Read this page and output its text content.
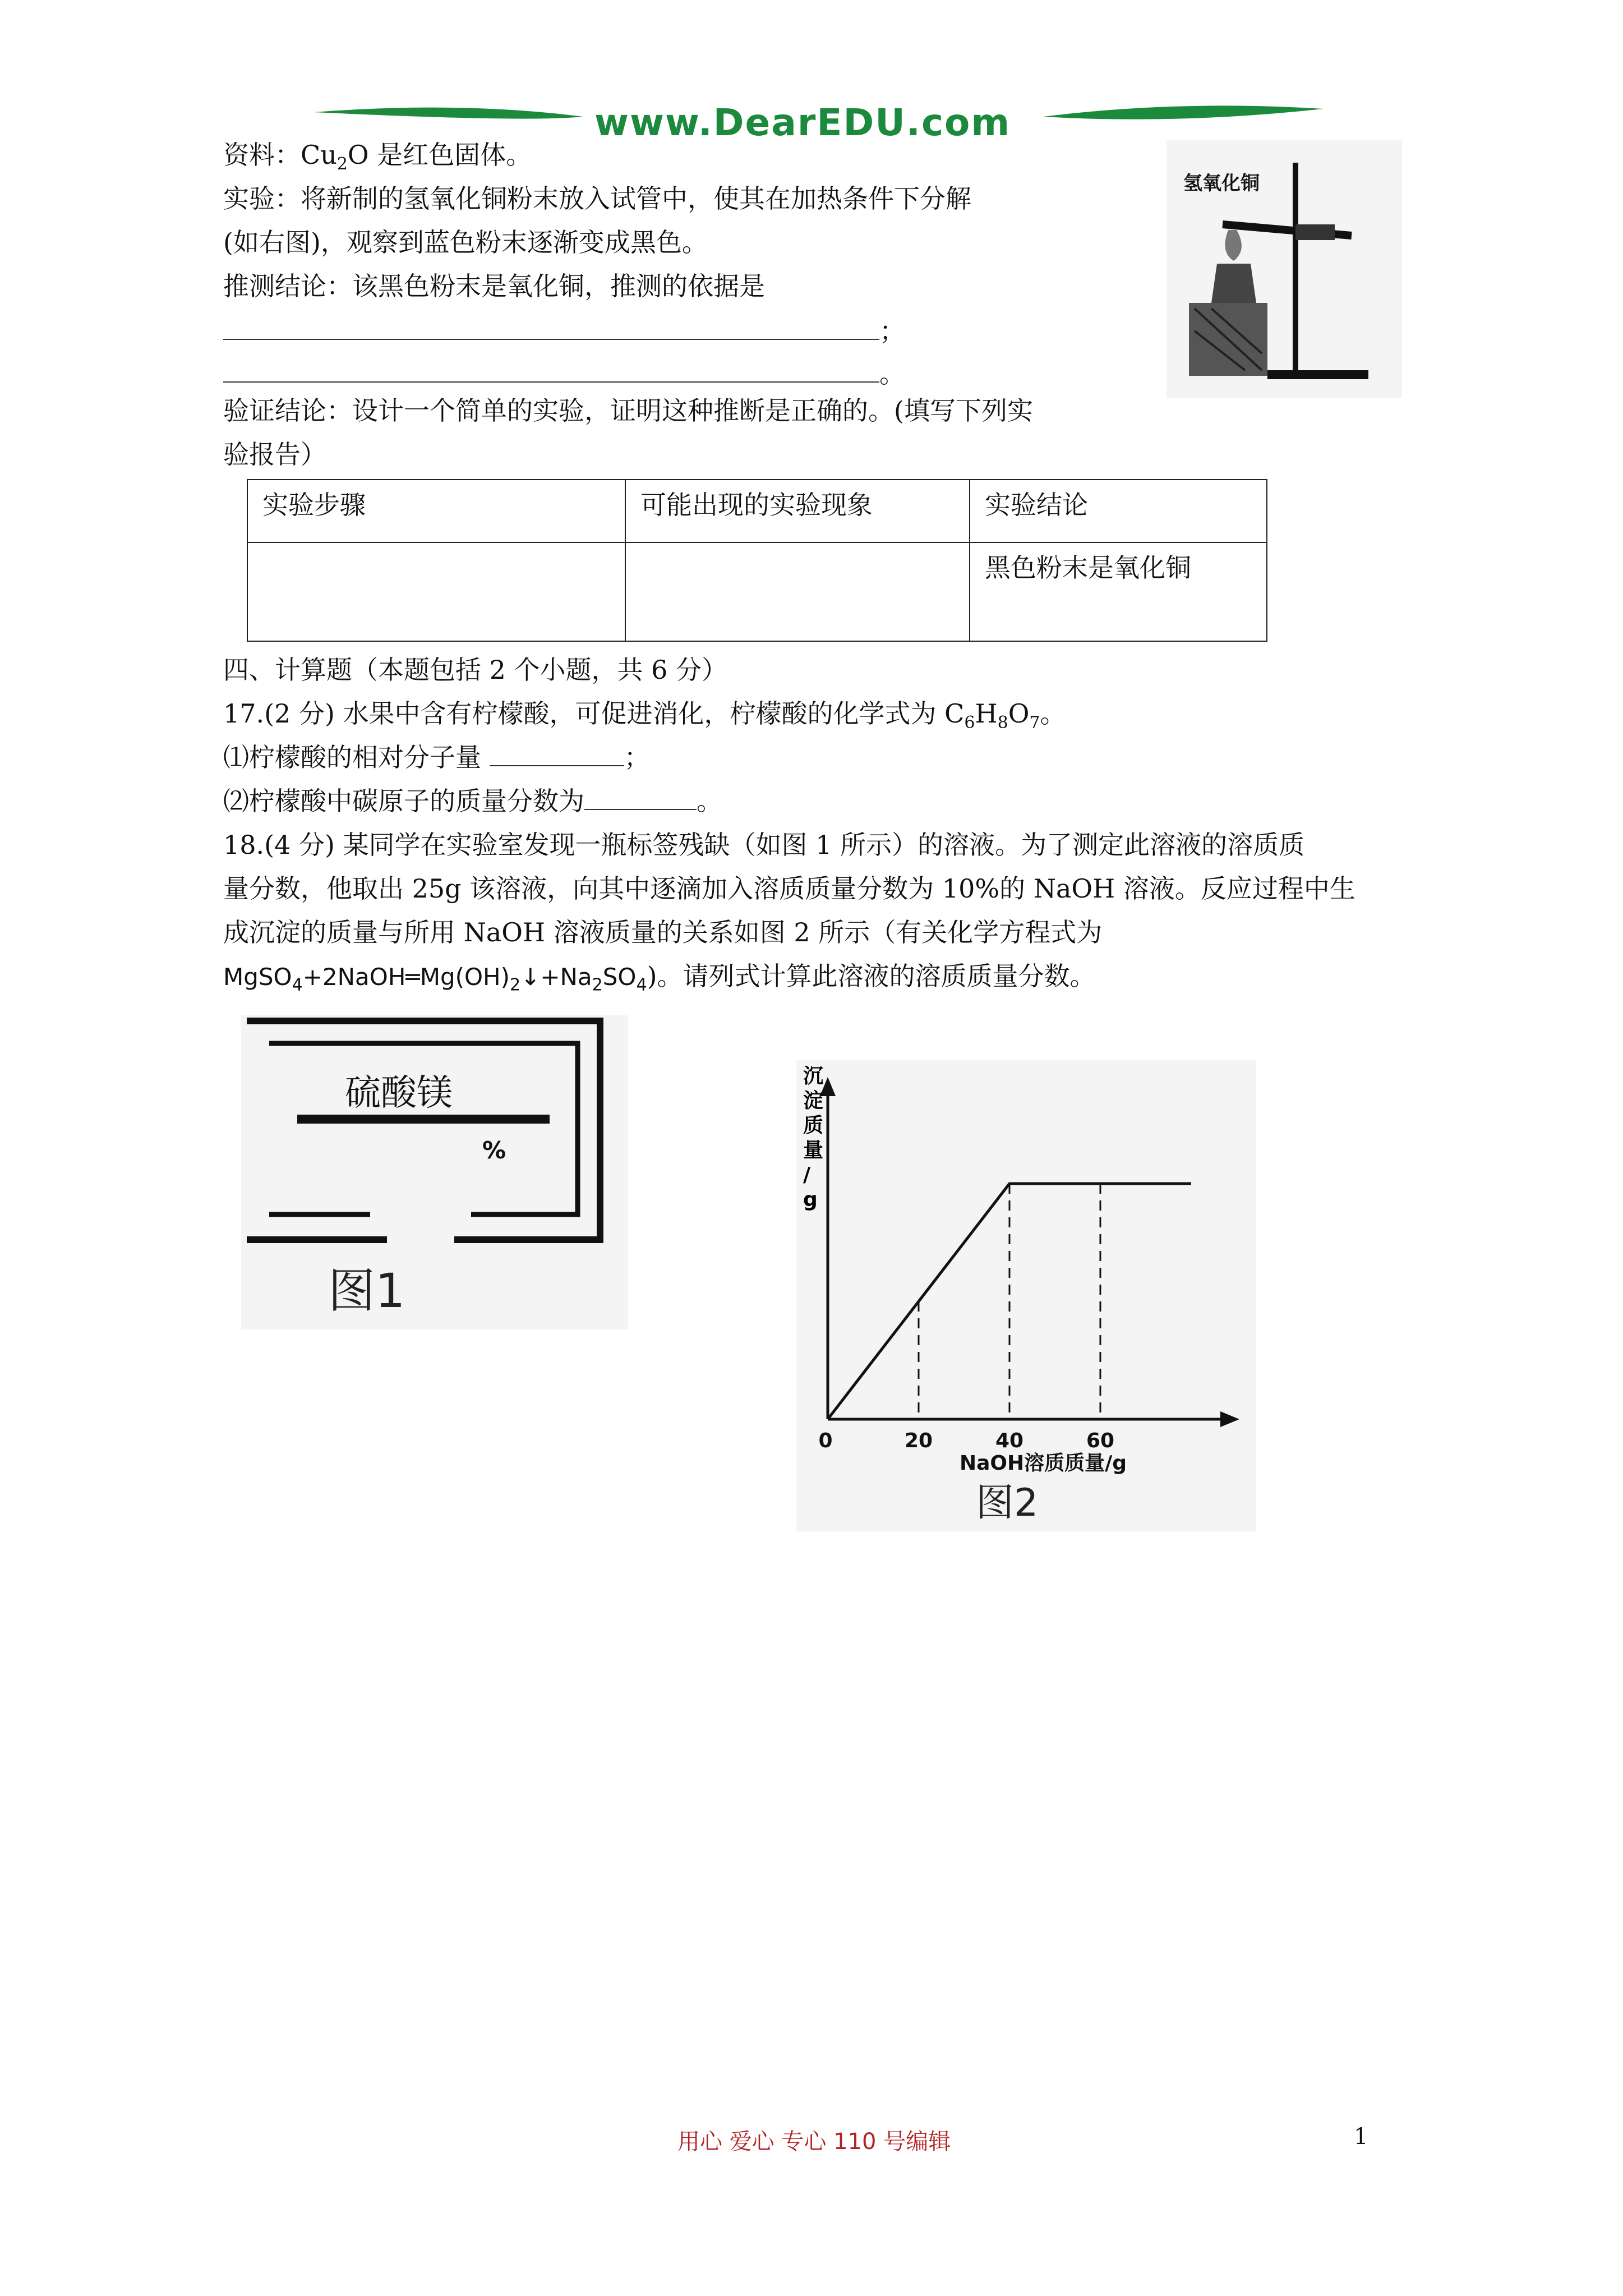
www.DearEDU.com
资料：$Cu_2O$ 是红色固体。
实验：将新制的氢氧化铜粉末放入试管中，使其在加热条件下分解
(如右图)，观察到蓝色粉末逐渐变成黑色。
推测结论：该黑色粉末是氧化铜，推测的依据是
；
。
验证结论：设计一个简单的实验，证明这种推断是正确的。(填写下列实
验报告）
氢氧化铜
实验步骤	可能出现的实验现象	实验结论
		黑色粉末是氧化铜
四、计算题（本题包括 2 个小题，共 6 分）
17.(2 分) 水果中含有柠檬酸，可促进消化，柠檬酸的化学式为 $C_6H_8O_7$。
⑴柠檬酸的相对分子量	；
⑵柠檬酸中碳原子的质量分数为	。
18.(4 分) 某同学在实验室发现一瓶标签残缺（如图 1 所示）的溶液。为了测定此溶液的溶质质
量分数，他取出 25g 该溶液，向其中逐滴加入溶质质量分数为 10%的 NaOH 溶液。反应过程中生
成沉淀的质量与所用 NaOH 溶液质量的关系如图 2 所示（有关化学方程式为
$MgSO_4+2NaOH═Mg(OH)_2↓+Na_2SO_4$)。请列式计算此溶液的溶质质量分数。
硫酸镁
%
图1
沉
淀
质
量
/
g
0	20	40	60
NaOH溶质质量/g
图2
用心 爱心 专心 110 号编辑	1
